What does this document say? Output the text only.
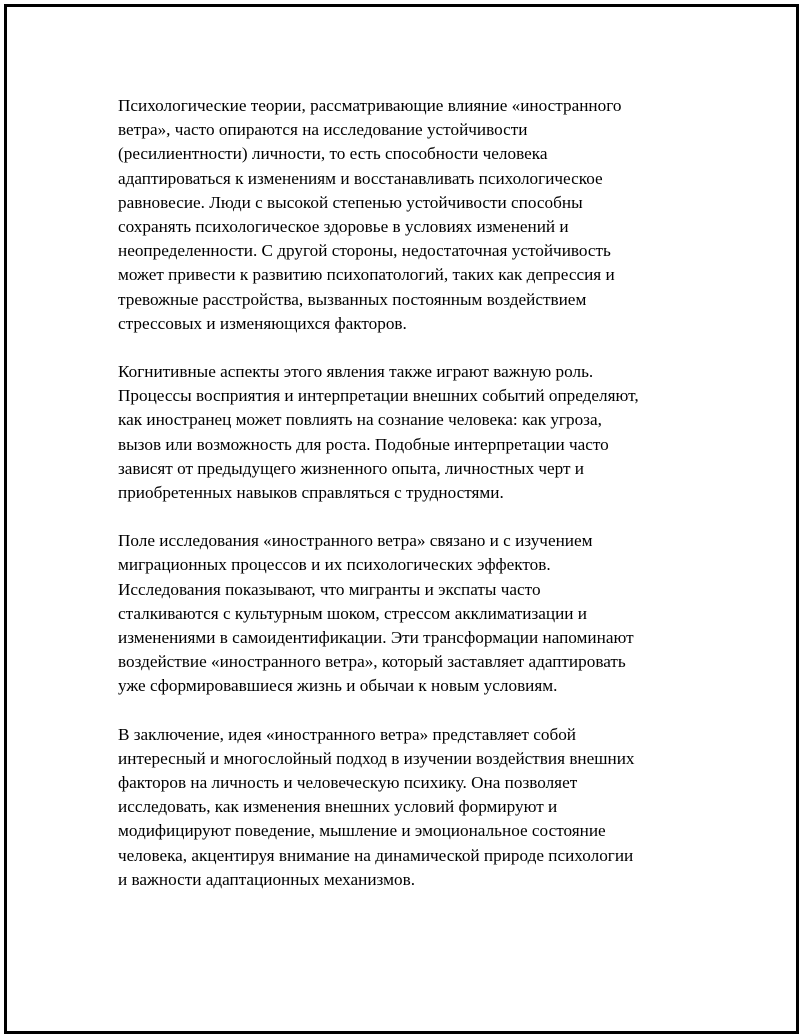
Психологические теории, рассматривающие влияние «иностранного
ветра», часто опираются на исследование устойчивости
(ресилиентности) личности, то есть способности человека
адаптироваться к изменениям и восстанавливать психологическое
равновесие. Люди с высокой степенью устойчивости способны
сохранять психологическое здоровье в условиях изменений и
неопределенности. С другой стороны, недостаточная устойчивость
может привести к развитию психопатологий, таких как депрессия и
тревожные расстройства, вызванных постоянным воздействием
стрессовых и изменяющихся факторов.

Когнитивные аспекты этого явления также играют важную роль.
Процессы восприятия и интерпретации внешних событий определяют,
как иностранец может повлиять на сознание человека: как угроза,
вызов или возможность для роста. Подобные интерпретации часто
зависят от предыдущего жизненного опыта, личностных черт и
приобретенных навыков справляться с трудностями.

Поле исследования «иностранного ветра» связано и с изучением
миграционных процессов и их психологических эффектов.
Исследования показывают, что мигранты и экспаты часто
сталкиваются с культурным шоком, стрессом акклиматизации и
изменениями в самоидентификации. Эти трансформации напоминают
воздействие «иностранного ветра», который заставляет адаптировать
уже сформировавшиеся жизнь и обычаи к новым условиям.

В заключение, идея «иностранного ветра» представляет собой
интересный и многослойный подход в изучении воздействия внешних
факторов на личность и человеческую психику. Она позволяет
исследовать, как изменения внешних условий формируют и
модифицируют поведение, мышление и эмоциональное состояние
человека, акцентируя внимание на динамической природе психологии
и важности адаптационных механизмов.
